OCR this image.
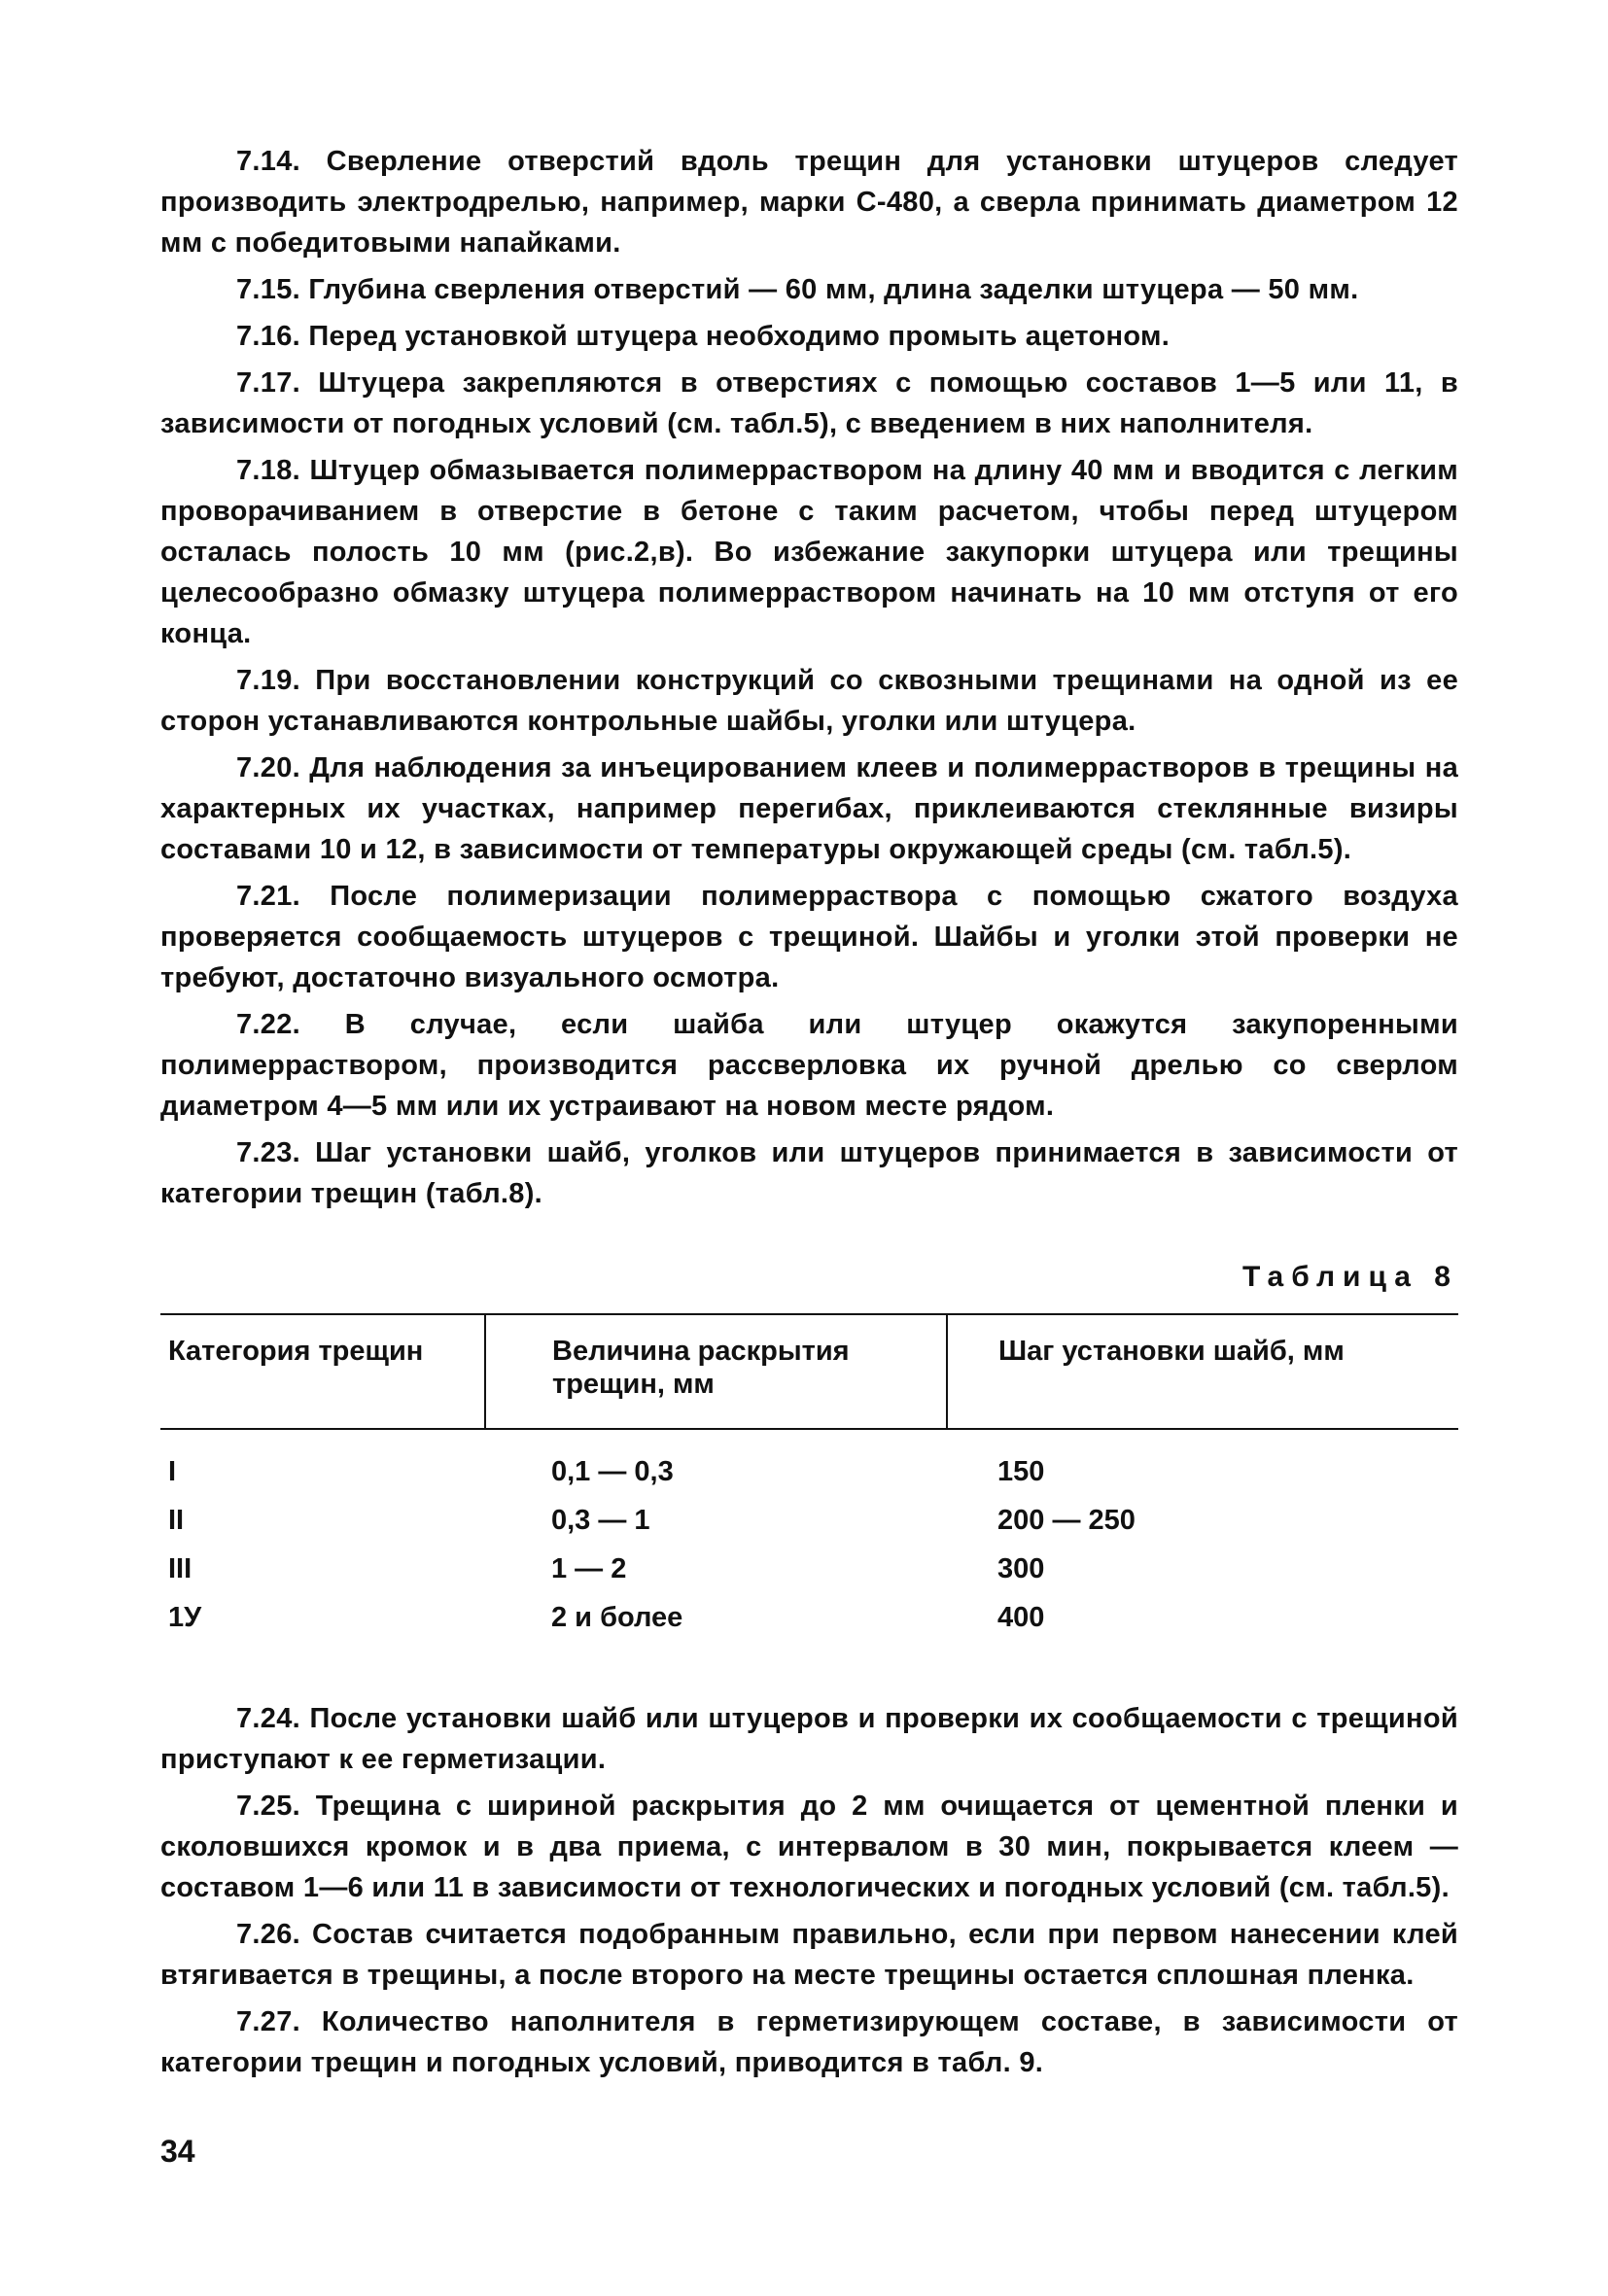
7.14. Сверление отверстий вдоль трещин для установки штуцеров следует производить электродрелью, например, марки С-480, а сверла принимать диаметром 12 мм с победитовыми напайками.

7.15. Глубина сверления отверстий — 60 мм, длина заделки штуцера — 50 мм.

7.16. Перед установкой штуцера необходимо промыть ацетоном.

7.17. Штуцера закрепляются в отверстиях с помощью составов 1—5 или 11, в зависимости от погодных условий (см. табл.5), с введением в них наполнителя.

7.18. Штуцер обмазывается полимерраствором на длину 40 мм и вводится с легким проворачиванием в отверстие в бетоне с таким расчетом, чтобы перед штуцером осталась полость 10 мм (рис.2,в). Во избежание закупорки штуцера или трещины целесообразно обмазку штуцера полимерраствором начинать на 10 мм отступя от его конца.

7.19. При восстановлении конструкций со сквозными трещинами на одной из ее сторон устанавливаются контрольные шайбы, уголки или штуцера.

7.20. Для наблюдения за инъецированием клеев и полимеррастворов в трещины на характерных их участках, например перегибах, приклеиваются стеклянные визиры составами 10 и 12, в зависимости от температуры окружающей среды (см. табл.5).

7.21. После полимеризации полимерраствора с помощью сжатого воздуха проверяется сообщаемость штуцеров с трещиной. Шайбы и уголки этой проверки не требуют, достаточно визуального осмотра.

7.22. В случае, если шайба или штуцер окажутся закупоренными полимерраствором, производится рассверловка их ручной дрелью со сверлом диаметром 4—5 мм или их устраивают на новом месте рядом.

7.23. Шаг установки шайб, уголков или штуцеров принимается в зависимости от категории трещин (табл.8).

Таблица 8
Категория трещин	Величина раскрытия трещин, мм	Шаг установки шайб, мм
I	0,1 — 0,3	150
II	0,3 — 1	200 — 250
III	1 — 2	300
1У	2 и более	400

7.24. После установки шайб или штуцеров и проверки их сообщаемости с трещиной приступают к ее герметизации.

7.25. Трещина с шириной раскрытия до 2 мм очищается от цементной пленки и сколовшихся кромок и в два приема, с интервалом в 30 мин, покрывается клеем — составом 1—6 или 11 в зависимости от технологических и погодных условий (см. табл.5).

7.26. Состав считается подобранным правильно, если при первом нанесении клей втягивается в трещины, а после второго на месте трещины остается сплошная пленка.

7.27. Количество наполнителя в герметизирующем составе, в зависимости от категории трещин и погодных условий, приводится в табл. 9.

34
